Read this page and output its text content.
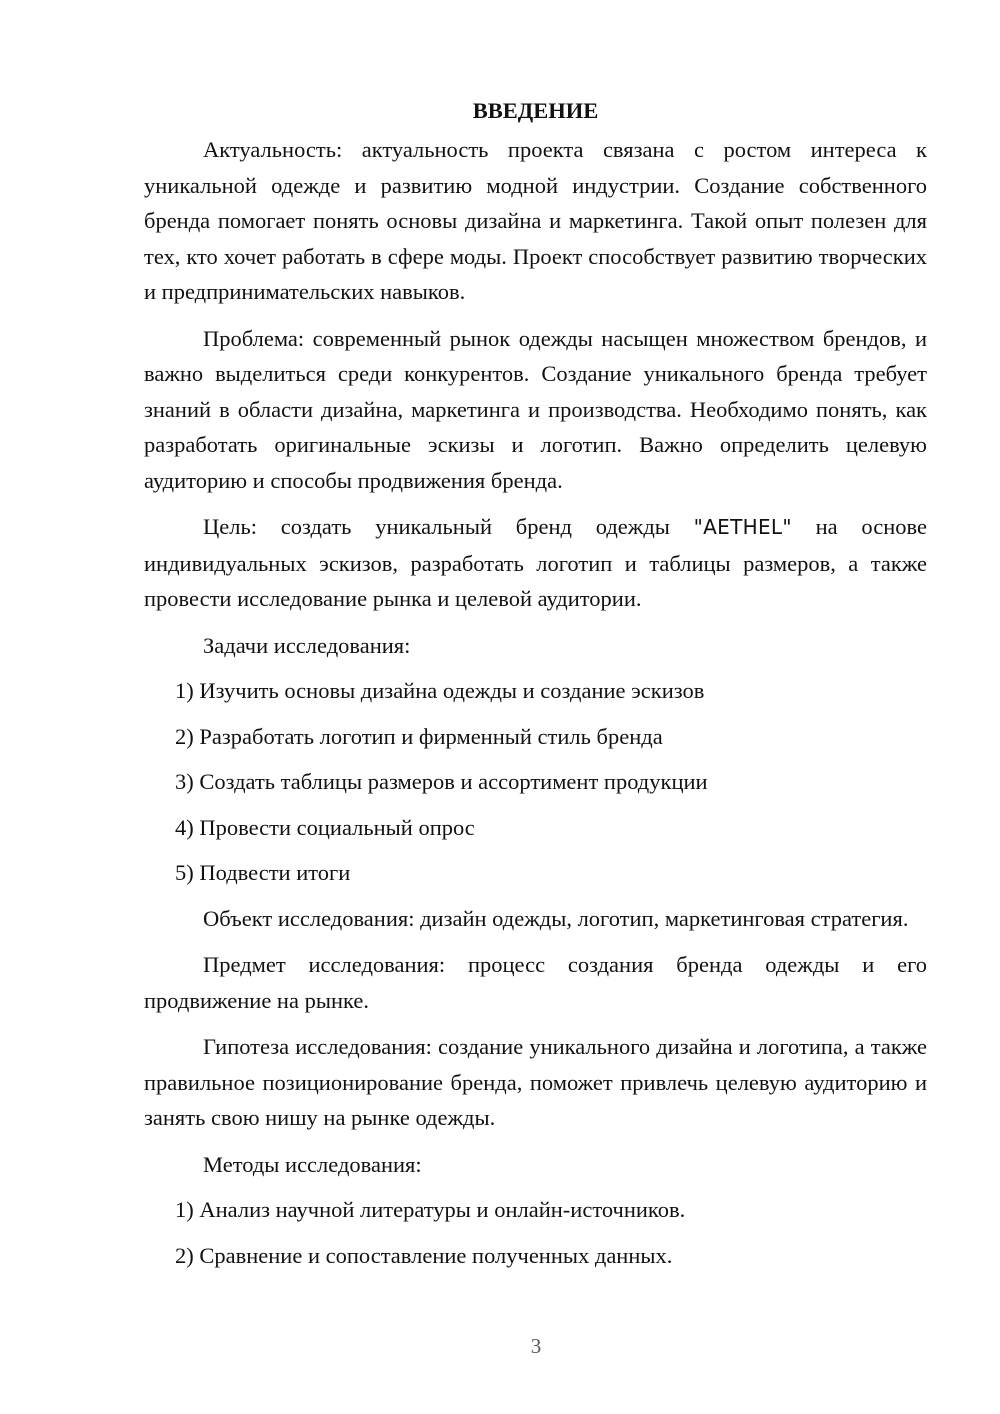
ВВЕДЕНИЕ

Актуальность: актуальность проекта связана с ростом интереса к уникальной одежде и развитию модной индустрии. Создание собственного бренда помогает понять основы дизайна и маркетинга. Такой опыт полезен для тех, кто хочет работать в сфере моды. Проект способствует развитию творческих и предпринимательских навыков.

Проблема: современный рынок одежды насыщен множеством брендов, и важно выделиться среди конкурентов. Создание уникального бренда требует знаний в области дизайна, маркетинга и производства. Необходимо понять, как разработать оригинальные эскизы и логотип. Важно определить целевую аудиторию и способы продвижения бренда.

Цель: создать уникальный бренд одежды "AETHEL" на основе индивидуальных эскизов, разработать логотип и таблицы размеров, а также провести исследование рынка и целевой аудитории.

Задачи исследования:

1) Изучить основы дизайна одежды и создание эскизов
2) Разработать логотип и фирменный стиль бренда
3) Создать таблицы размеров и ассортимент продукции
4) Провести социальный опрос
5) Подвести итоги

Объект исследования: дизайн одежды, логотип, маркетинговая стратегия.

Предмет исследования: процесс создания бренда одежды и его продвижение на рынке.

Гипотеза исследования: создание уникального дизайна и логотипа, а также правильное позиционирование бренда, поможет привлечь целевую аудиторию и занять свою нишу на рынке одежды.

Методы исследования:

1) Анализ научной литературы и онлайн-источников.
2) Сравнение и сопоставление полученных данных.
3
